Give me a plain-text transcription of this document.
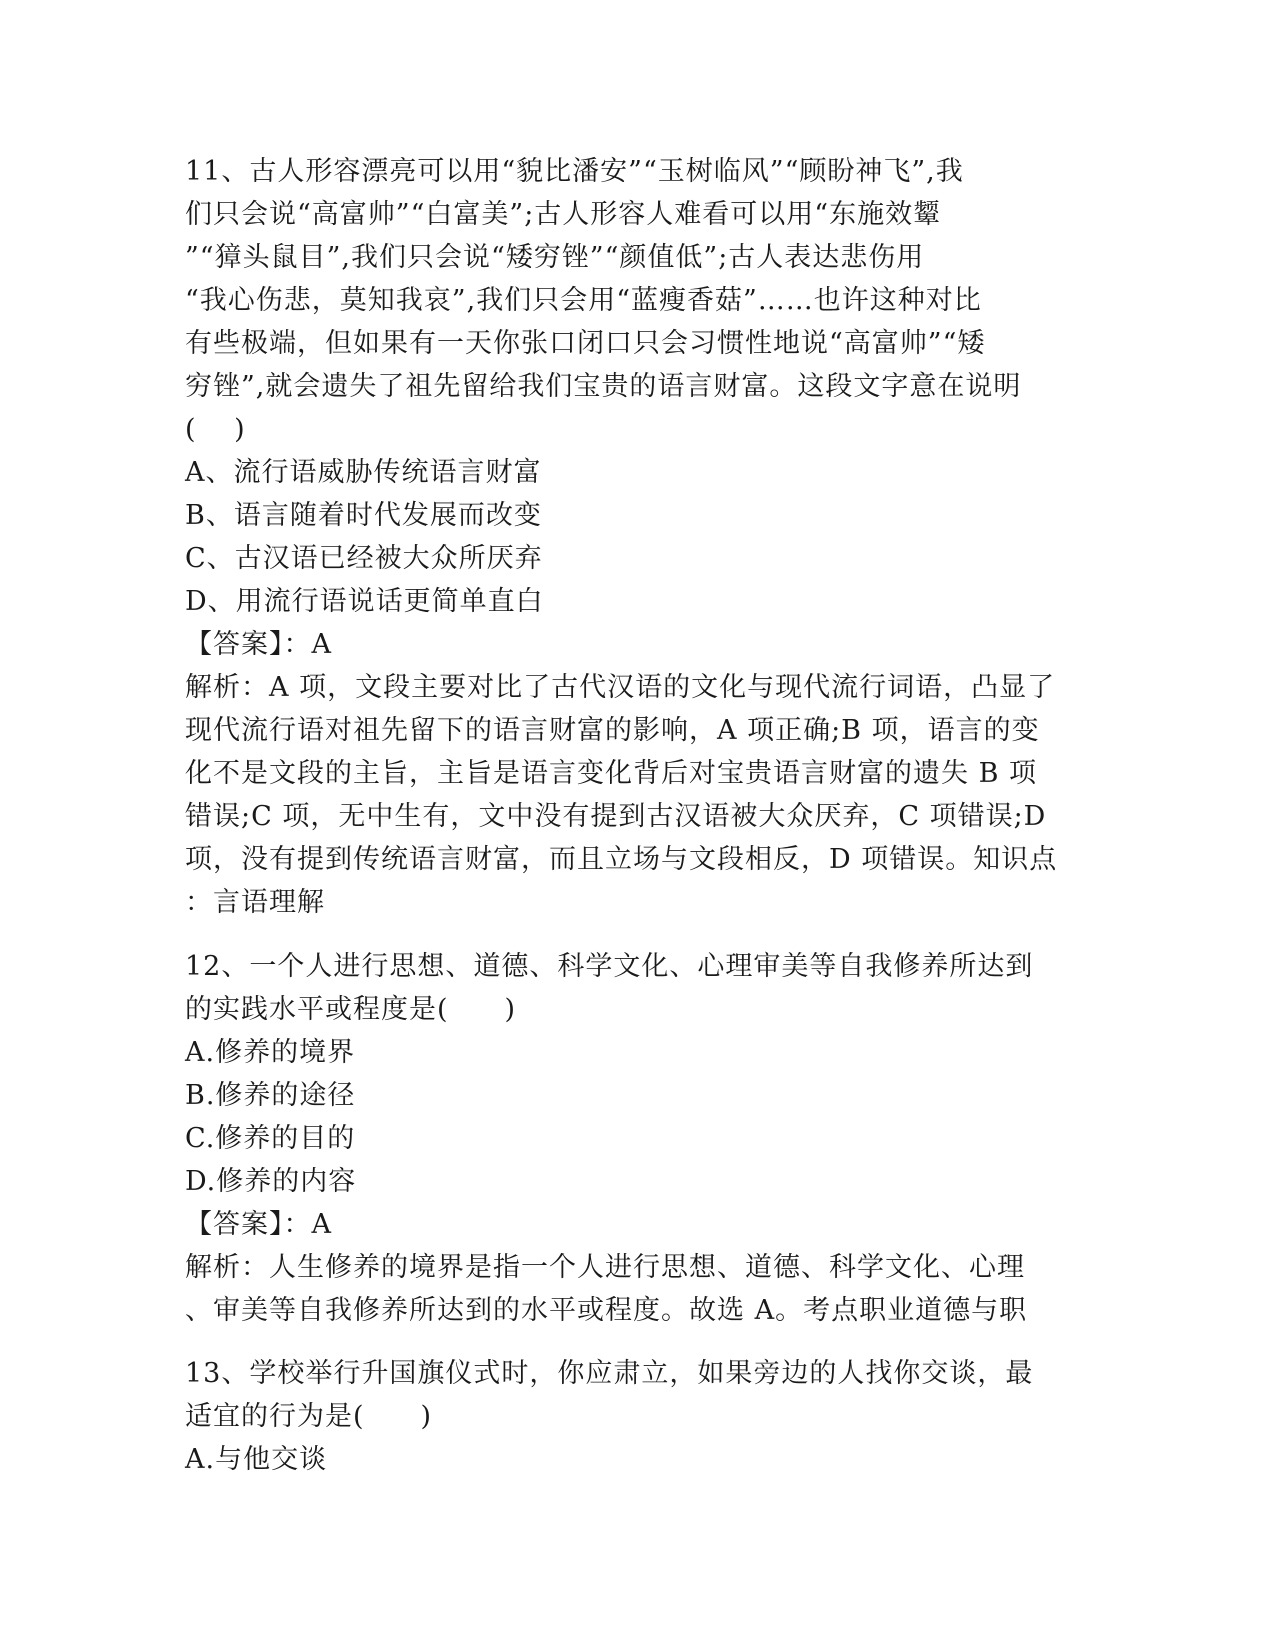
11、古人形容漂亮可以用“貌比潘安”“玉树临风”“顾盼神飞”,我

们只会说“高富帅”“白富美”;古人形容人难看可以用“东施效颦

”“獐头鼠目”,我们只会说“矮穷锉”“颜值低”;古人表达悲伤用

“我心伤悲，莫知我哀”,我们只会用“蓝瘦香菇”……也许这种对比

有些极端，但如果有一天你张口闭口只会习惯性地说“高富帅”“矮

穷锉”,就会遗失了祖先留给我们宝贵的语言财富。这段文字意在说明

(　 )

A、流行语威胁传统语言财富

B、语言随着时代发展而改变

C、古汉语已经被大众所厌弃

D、用流行语说话更简单直白

【答案】：A

解析：A 项，文段主要对比了古代汉语的文化与现代流行词语，凸显了

现代流行语对祖先留下的语言财富的影响，A 项正确;B 项，语言的变

化不是文段的主旨，主旨是语言变化背后对宝贵语言财富的遗失 B 项

错误;C 项，无中生有，文中没有提到古汉语被大众厌弃，C 项错误;D

项，没有提到传统语言财富，而且立场与文段相反，D 项错误。知识点

：言语理解

12、一个人进行思想、道德、科学文化、心理审美等自我修养所达到

的实践水平或程度是(　　)

A.修养的境界

B.修养的途径

C.修养的目的

D.修养的内容

【答案】：A

解析：人生修养的境界是指一个人进行思想、道德、科学文化、心理

、审美等自我修养所达到的水平或程度。故选 A。考点职业道德与职

13、学校举行升国旗仪式时，你应肃立，如果旁边的人找你交谈，最

适宜的行为是(　　)

A.与他交谈
